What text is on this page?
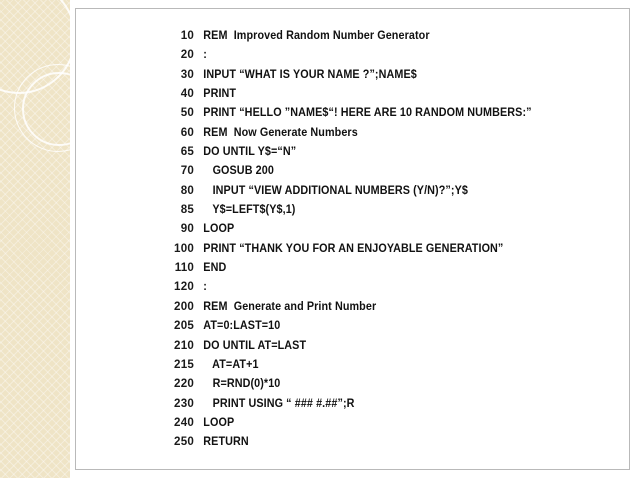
10 REM  Improved Random Number Generator
20 :
30 INPUT “WHAT IS YOUR NAME ?”;NAME$
40 PRINT
50 PRINT “HELLO ”NAME$“! HERE ARE 10 RANDOM NUMBERS:”
60 REM  Now Generate Numbers
65 DO UNTIL Y$=“N”
70 GOSUB 200
80 INPUT “VIEW ADDITIONAL NUMBERS (Y/N)?”;Y$
85 Y$=LEFT$(Y$,1)
90 LOOP
100 PRINT “THANK YOU FOR AN ENJOYABLE GENERATION”
110 END
120 :
200 REM  Generate and Print Number
205 AT=0:LAST=10
210 DO UNTIL AT=LAST
215 AT=AT+1
220 R=RND(0)*10
230 PRINT USING “ ### #.##”;R
240 LOOP
250 RETURN
